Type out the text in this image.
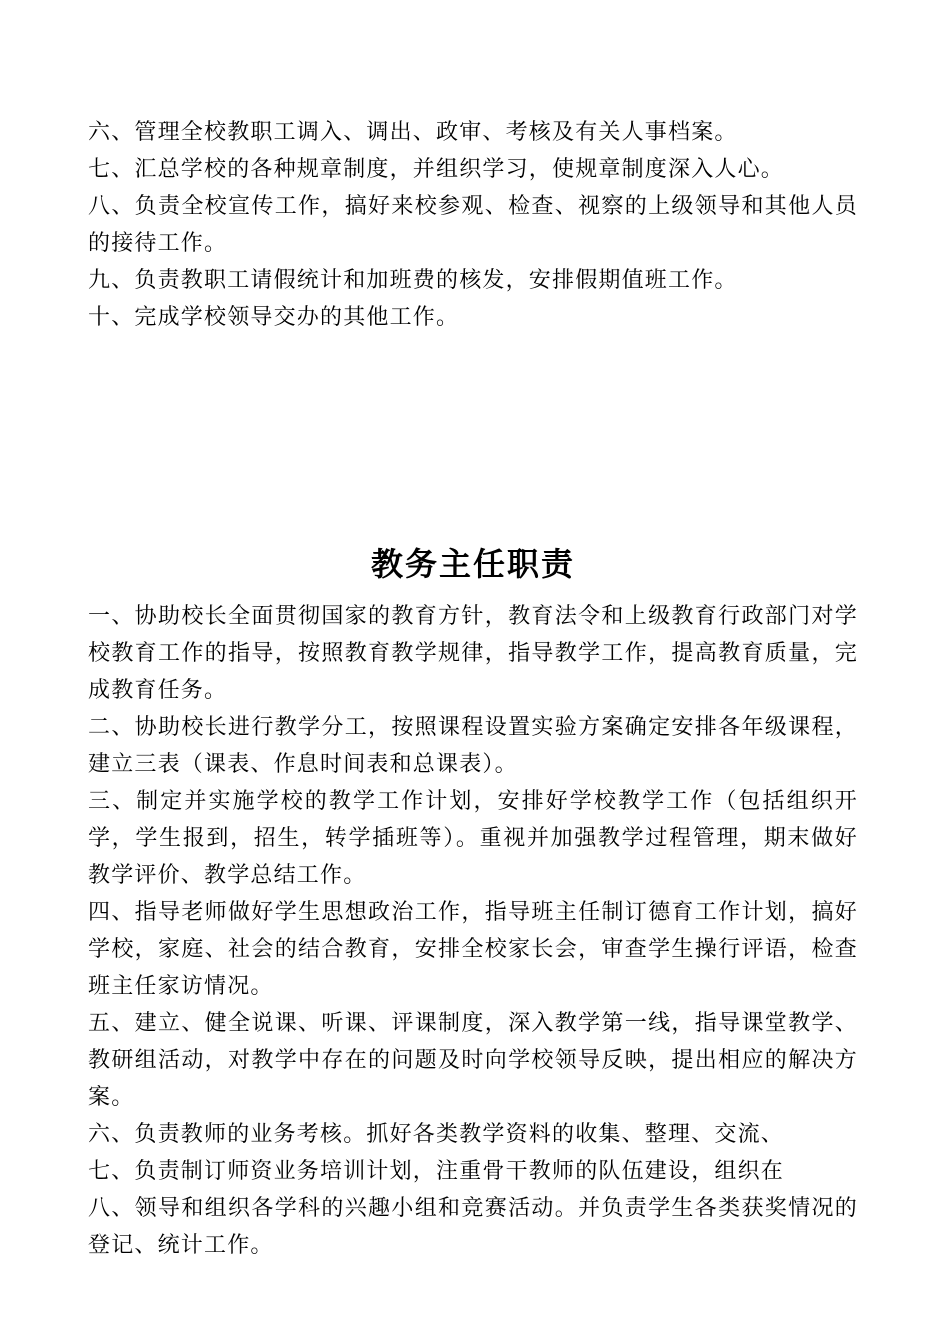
六、管理全校教职工调入、调出、政审、考核及有关人事档案。

七、汇总学校的各种规章制度，并组织学习，使规章制度深入人心。

八、负责全校宣传工作，搞好来校参观、检查、视察的上级领导和其他人员的接待工作。

九、负责教职工请假统计和加班费的核发，安排假期值班工作。

十、完成学校领导交办的其他工作。

教务主任职责

一、协助校长全面贯彻国家的教育方针，教育法令和上级教育行政部门对学校教育工作的指导，按照教育教学规律，指导教学工作，提高教育质量，完成教育任务。

二、协助校长进行教学分工，按照课程设置实验方案确定安排各年级课程，建立三表（课表、作息时间表和总课表）。

三、制定并实施学校的教学工作计划，安排好学校教学工作（包括组织开学，学生报到，招生，转学插班等）。重视并加强教学过程管理，期末做好教学评价、教学总结工作。

四、指导老师做好学生思想政治工作，指导班主任制订德育工作计划，搞好学校，家庭、社会的结合教育，安排全校家长会，审查学生操行评语，检查班主任家访情况。

五、建立、健全说课、听课、评课制度，深入教学第一线，指导课堂教学、教研组活动，对教学中存在的问题及时向学校领导反映，提出相应的解决方案。

六、负责教师的业务考核。抓好各类教学资料的收集、整理、交流、

七、负责制订师资业务培训计划，注重骨干教师的队伍建设，组织在

八、领导和组织各学科的兴趣小组和竞赛活动。并负责学生各类获奖情况的登记、统计工作。
